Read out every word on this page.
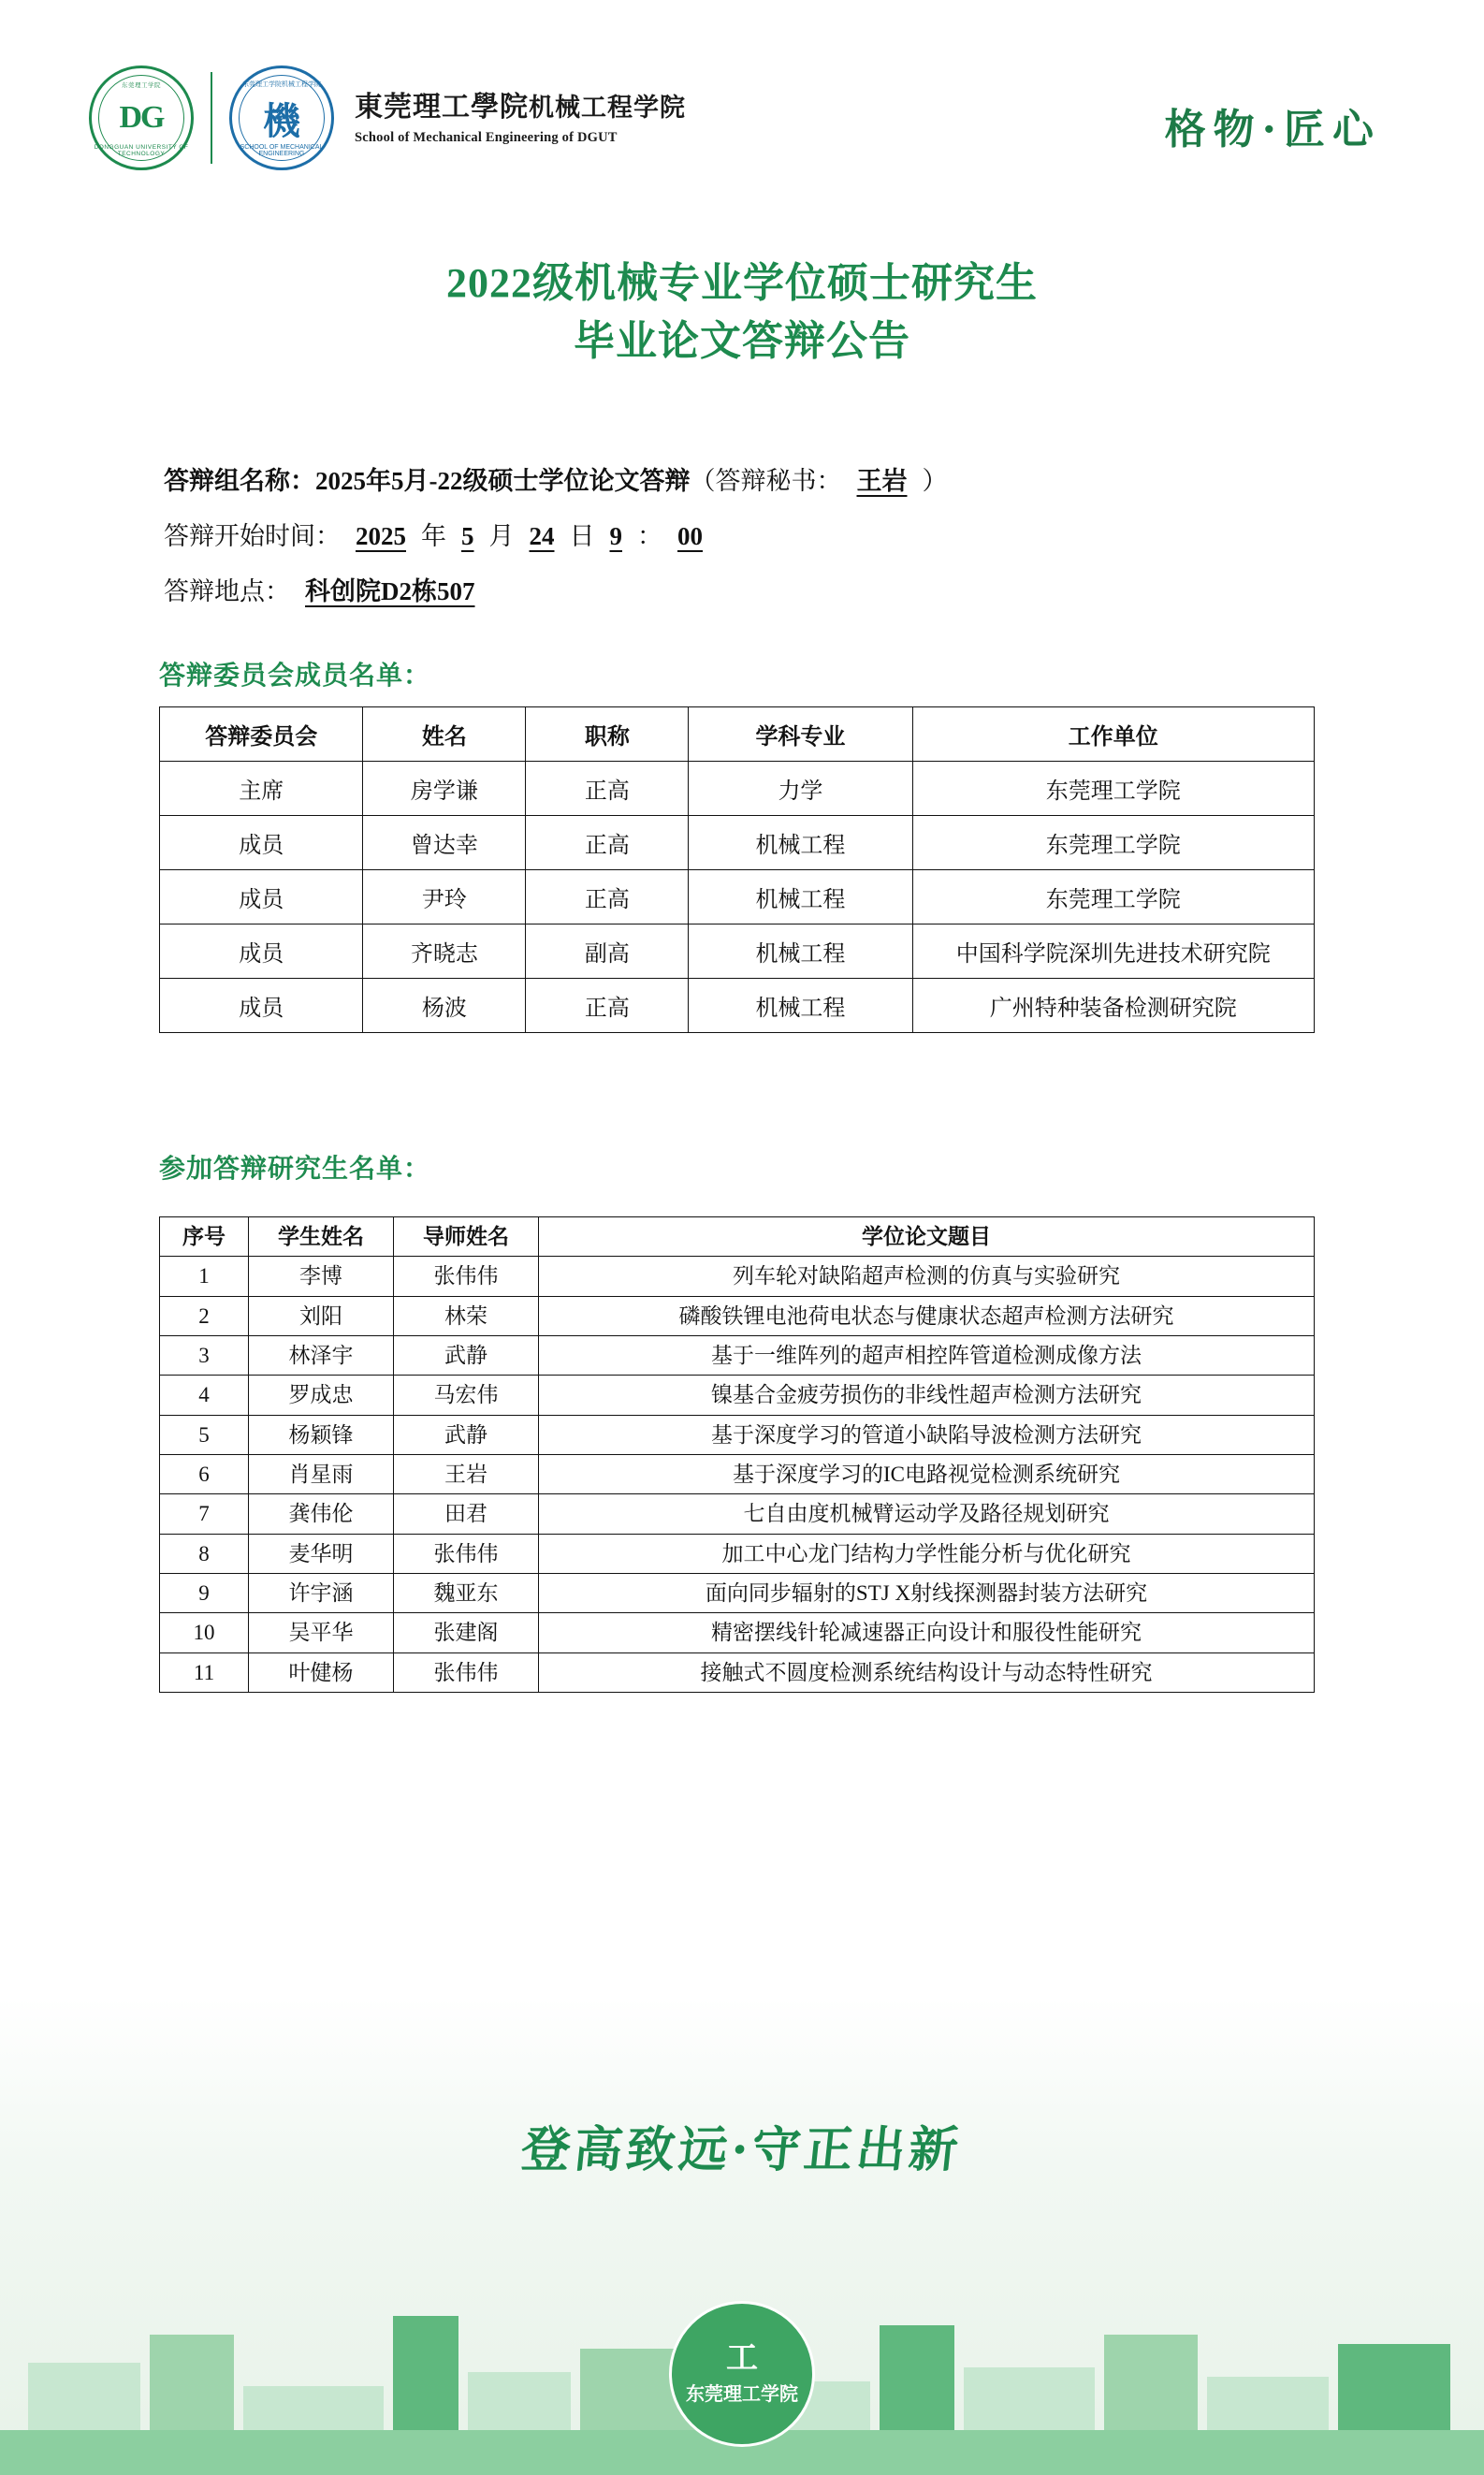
东莞理工学院
DG
DONGGUAN UNIVERSITY OF TECHNOLOGY
东莞理工学院机械工程学院
機
SCHOOL OF MECHANICAL ENGINEERING
東莞理工學院机械工程学院
School of Mechanical Engineering of DGUT	格物·匠心
2022级机械专业学位硕士研究生
毕业论文答辩公告
答辩组名称：2025年5月-22级硕士学位论文答辩（答辩秘书： 王岩 ）
答辩开始时间： 2025 年 5 月 24 日 9 ： 00
答辩地点： 科创院D2栋507
答辩委员会成员名单：
答辩委员会	姓名	职称	学科专业	工作单位
主席	房学谦	正高	力学	东莞理工学院
成员	曾达幸	正高	机械工程	东莞理工学院
成员	尹玲	正高	机械工程	东莞理工学院
成员	齐晓志	副高	机械工程	中国科学院深圳先进技术研究院
成员	杨波	正高	机械工程	广州特种装备检测研究院
参加答辩研究生名单：
序号	学生姓名	导师姓名	学位论文题目
1	李博	张伟伟	列车轮对缺陷超声检测的仿真与实验研究
2	刘阳	林荣	磷酸铁锂电池荷电状态与健康状态超声检测方法研究
3	林泽宇	武静	基于一维阵列的超声相控阵管道检测成像方法
4	罗成忠	马宏伟	镍基合金疲劳损伤的非线性超声检测方法研究
5	杨颖锋	武静	基于深度学习的管道小缺陷导波检测方法研究
6	肖星雨	王岩	基于深度学习的IC电路视觉检测系统研究
7	龚伟伦	田君	七自由度机械臂运动学及路径规划研究
8	麦华明	张伟伟	加工中心龙门结构力学性能分析与优化研究
9	许宇涵	魏亚东	面向同步辐射的STJ X射线探测器封装方法研究
10	吴平华	张建阁	精密摆线针轮减速器正向设计和服役性能研究
11	叶健杨	张伟伟	接触式不圆度检测系统结构设计与动态特性研究
登高致远·守正出新
工
东莞理工学院
